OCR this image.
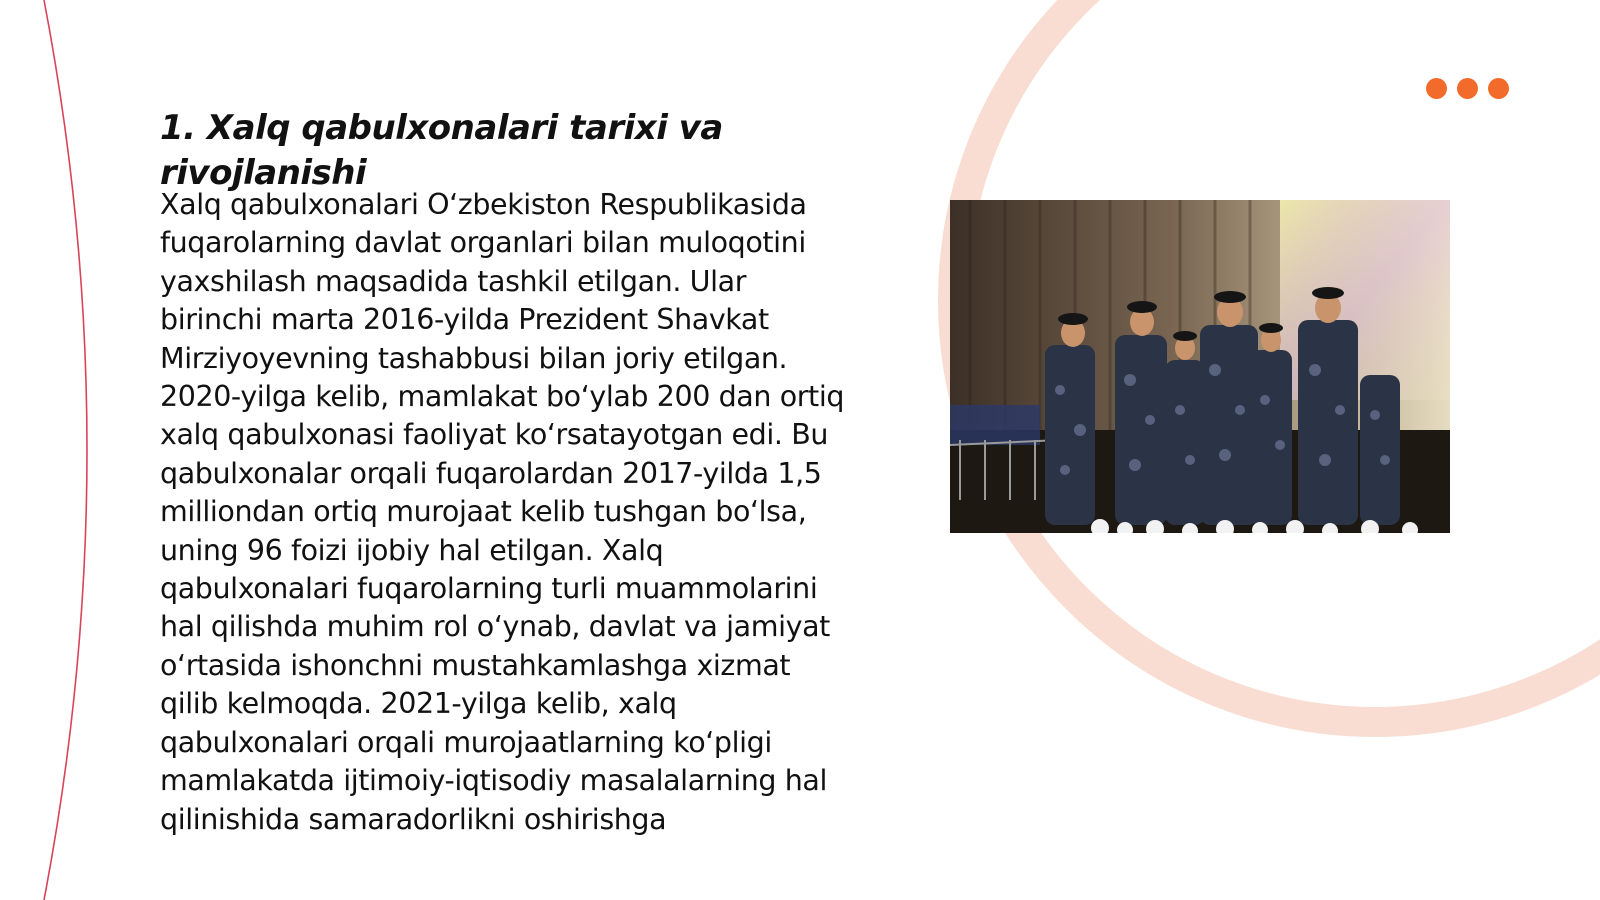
1. Xalq qabulxonalari tarixi va rivojlanishi

Xalq qabulxonalari O‘zbekiston Respublikasida fuqarolarning davlat organlari bilan muloqotini yaxshilash maqsadida tashkil etilgan. Ular birinchi marta 2016-yilda Prezident Shavkat Mirziyoyevning tashabbusi bilan joriy etilgan. 2020-yilga kelib, mamlakat bo‘ylab 200 dan ortiq xalq qabulxonasi faoliyat ko‘rsatayotgan edi. Bu qabulxonalar orqali fuqarolardan 2017-yilda 1,5 milliondan ortiq murojaat kelib tushgan bo‘lsa, uning 96 foizi ijobiy hal etilgan. Xalq qabulxonalari fuqarolarning turli muammolarini hal qilishda muhim rol o‘ynab, davlat va jamiyat o‘rtasida ishonchni mustahkamlashga xizmat qilib kelmoqda. 2021-yilga kelib, xalq qabulxonalari orqali murojaatlarning ko‘pligi mamlakatda ijtimoiy-iqtisodiy masalalarning hal qilinishida samaradorlikni oshirishga
